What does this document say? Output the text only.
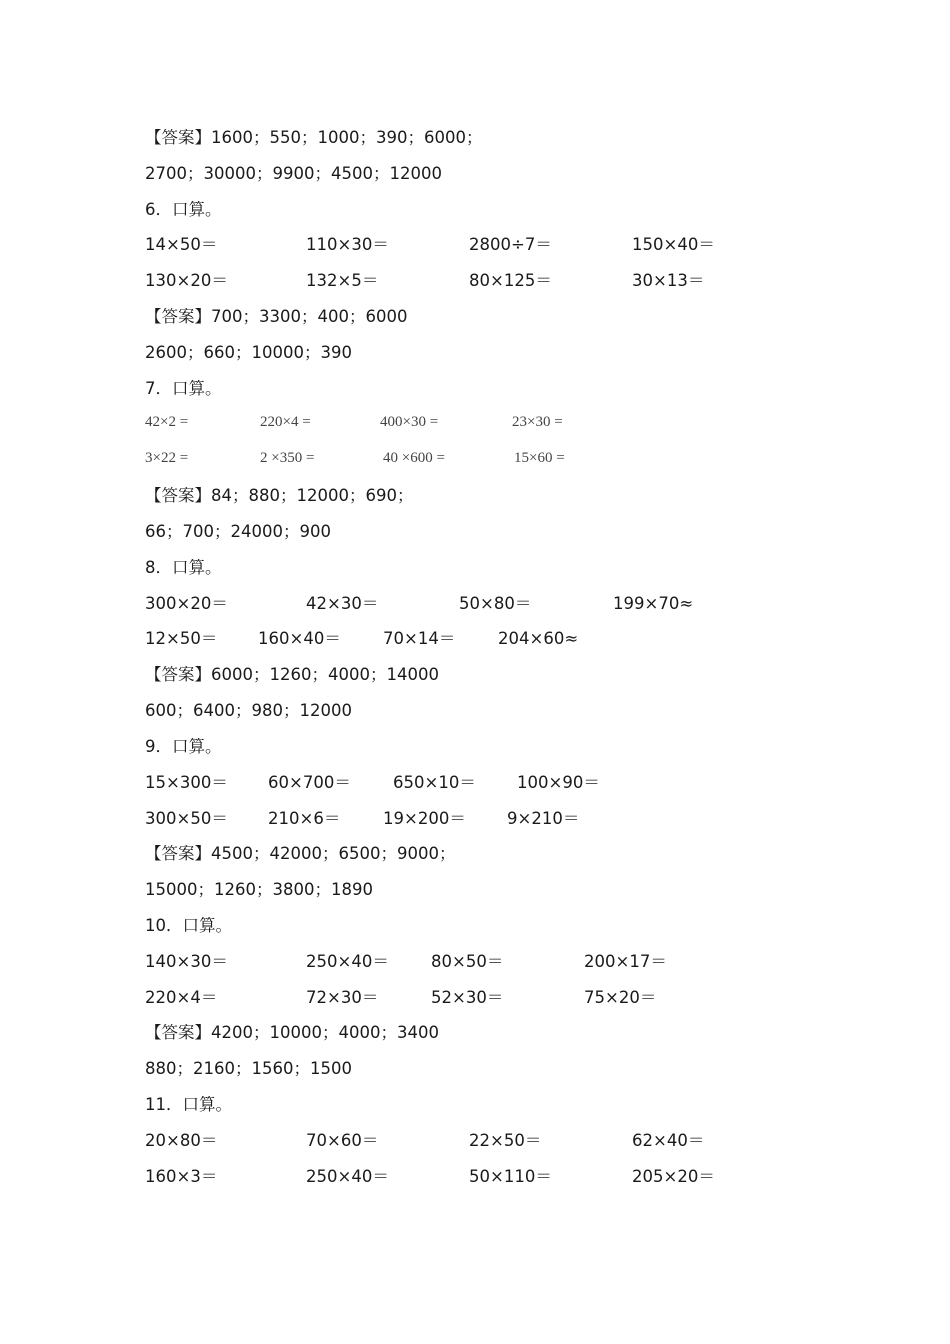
【答案】1600；550；1000；390；6000；
2700；30000；9900；4500；12000
6．口算。
14×50＝	110×30＝	2800÷7＝	150×40＝
130×20＝	132×5＝	80×125＝	30×13＝
【答案】700；3300；400；6000
2600；660；10000；390
7．口算。
42×2 =	220×4 =	400×30 =	23×30 =
3×22 =	2 ×350 =	40 ×600 =	15×60 =
【答案】84；880；12000；690；
66；700；24000；900
8．口算。
300×20＝	42×30＝	50×80＝	199×70≈
12×50＝ 160×40＝	70×14＝	204×60≈
【答案】6000；1260；4000；14000
600；6400；980；12000
9．口算。
15×300＝ 60×700＝	650×10＝ 100×90＝
300×50＝ 210×6＝	19×200＝ 9×210＝
【答案】4500；42000；6500；9000；
15000；1260；3800；1890
10．口算。
140×30＝	250×40＝	80×50＝	200×17＝
220×4＝	72×30＝	52×30＝	75×20＝
【答案】4200；10000；4000；3400
880；2160；1560；1500
11．口算。
20×80＝	70×60＝	22×50＝	62×40＝
160×3＝	250×40＝	50×110＝	205×20＝
